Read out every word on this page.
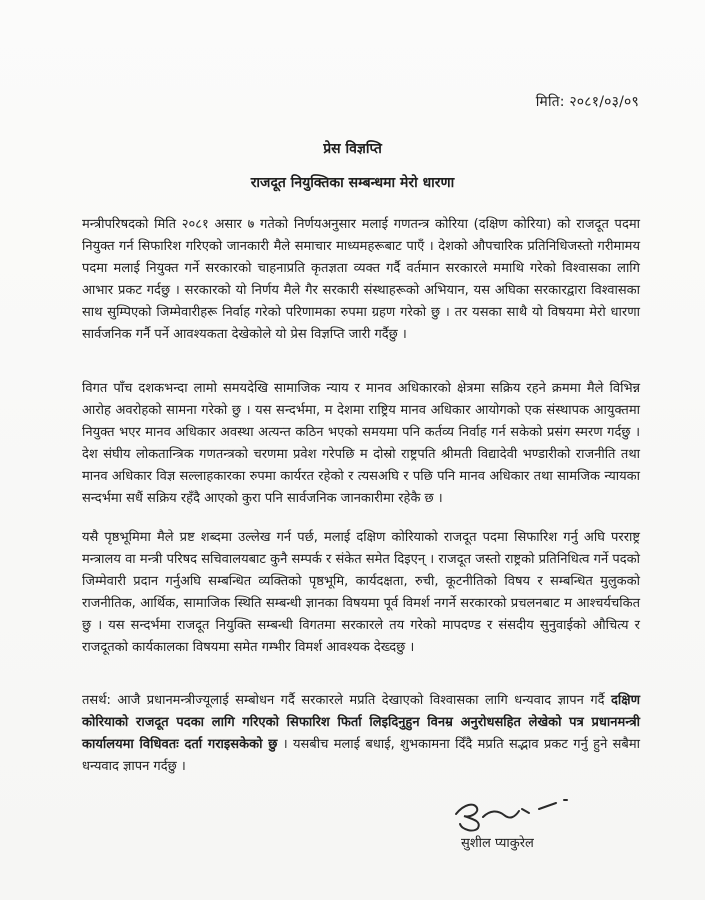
मिति: २०८१/०३/०९
प्रेस विज्ञप्ति
राजदूत नियुक्तिका सम्बन्धमा मेरो धारणा

मन्त्रीपरिषदको मिति २०८१ असार ७ गतेको निर्णयअनुसार मलाई गणतन्त्र कोरिया (दक्षिण कोरिया) को राजदूत पदमा नियुक्त गर्न सिफारिश गरिएको जानकारी मैले समाचार माध्यमहरूबाट पाएँ । देशको औपचारिक प्रतिनिधिजस्तो गरीमामय पदमा मलाई नियुक्त गर्ने सरकारको चाहनाप्रति कृतज्ञता व्यक्त गर्दै वर्तमान सरकारले ममाथि गरेको विश्वासका लागि आभार प्रकट गर्दछु । सरकारको यो निर्णय मैले गैर सरकारी संस्थाहरूको अभियान, यस अघिका सरकारद्वारा विश्वासका साथ सुम्पिएको जिम्मेवारीहरू निर्वाह गरेको परिणामका रुपमा ग्रहण गरेको छु । तर यसका साथै यो विषयमा मेरो धारणा सार्वजनिक गर्नै पर्ने आवश्यकता देखेकोले यो प्रेस विज्ञप्ति जारी गर्दैछु ।

विगत पाँच दशकभन्दा लामो समयदेखि सामाजिक न्याय र मानव अधिकारको क्षेत्रमा सक्रिय रहने क्रममा मैले विभिन्न आरोह अवरोहको सामना गरेको छु । यस सन्दर्भमा, म देशमा राष्ट्रिय मानव अधिकार आयोगको एक संस्थापक आयुक्तमा नियुक्त भएर मानव अधिकार अवस्था अत्यन्त कठिन भएको समयमा पनि कर्तव्य निर्वाह गर्न सकेको प्रसंग स्मरण गर्दछु । देश संघीय लोकतान्त्रिक गणतन्त्रको चरणमा प्रवेश गरेपछि म दोस्रो राष्ट्रपति श्रीमती विद्यादेवी भण्डारीको राजनीति तथा मानव अधिकार विज्ञ सल्लाहकारका रुपमा कार्यरत रहेको र त्यसअघि र पछि पनि मानव अधिकार तथा सामजिक न्यायका सन्दर्भमा सधैं सक्रिय रहँदै आएको कुरा पनि सार्वजनिक जानकारीमा रहेकै छ ।

यसै पृष्ठभूमिमा मैले प्रष्ट शब्दमा उल्लेख गर्न पर्छ, मलाई दक्षिण कोरियाको राजदूत पदमा सिफारिश गर्नु अघि परराष्ट्र मन्त्रालय वा मन्त्री परिषद सचिवालयबाट कुनै सम्पर्क र संकेत समेत दिइएन् । राजदूत जस्तो राष्ट्रको प्रतिनिधित्व गर्ने पदको जिम्मेवारी प्रदान गर्नुअघि सम्बन्धित व्यक्तिको पृष्ठभूमि, कार्यदक्षता, रुची, कूटनीतिको विषय र सम्बन्धित मुलुकको राजनीतिक, आर्थिक, सामाजिक स्थिति सम्बन्धी ज्ञानका विषयमा पूर्व विमर्श नगर्ने सरकारको प्रचलनबाट म आश्चर्यचकित छु । यस सन्दर्भमा राजदूत नियुक्ति सम्बन्धी विगतमा सरकारले तय गरेको मापदण्ड र संसदीय सुनुवाईको औचित्य र राजदूतको कार्यकालका विषयमा समेत गम्भीर विमर्श आवश्यक देख्दछु ।

तसर्थ: आजै प्रधानमन्त्रीज्यूलाई सम्बोधन गर्दै सरकारले मप्रति देखाएको विश्वासका लागि धन्यवाद ज्ञापन गर्दै दक्षिण कोरियाको राजदूत पदका लागि गरिएको सिफारिश फिर्ता लिइदिनुहुन विनम्र अनुरोधसहित लेखेको पत्र प्रधानमन्त्री कार्यालयमा विधिवतः दर्ता गराइसकेको छु । यसबीच मलाई बधाई, शुभकामना दिँदै मप्रति सद्भाव प्रकट गर्नु हुने सबैमा धन्यवाद ज्ञापन गर्दछु ।

सुशील प्याकुरेल
